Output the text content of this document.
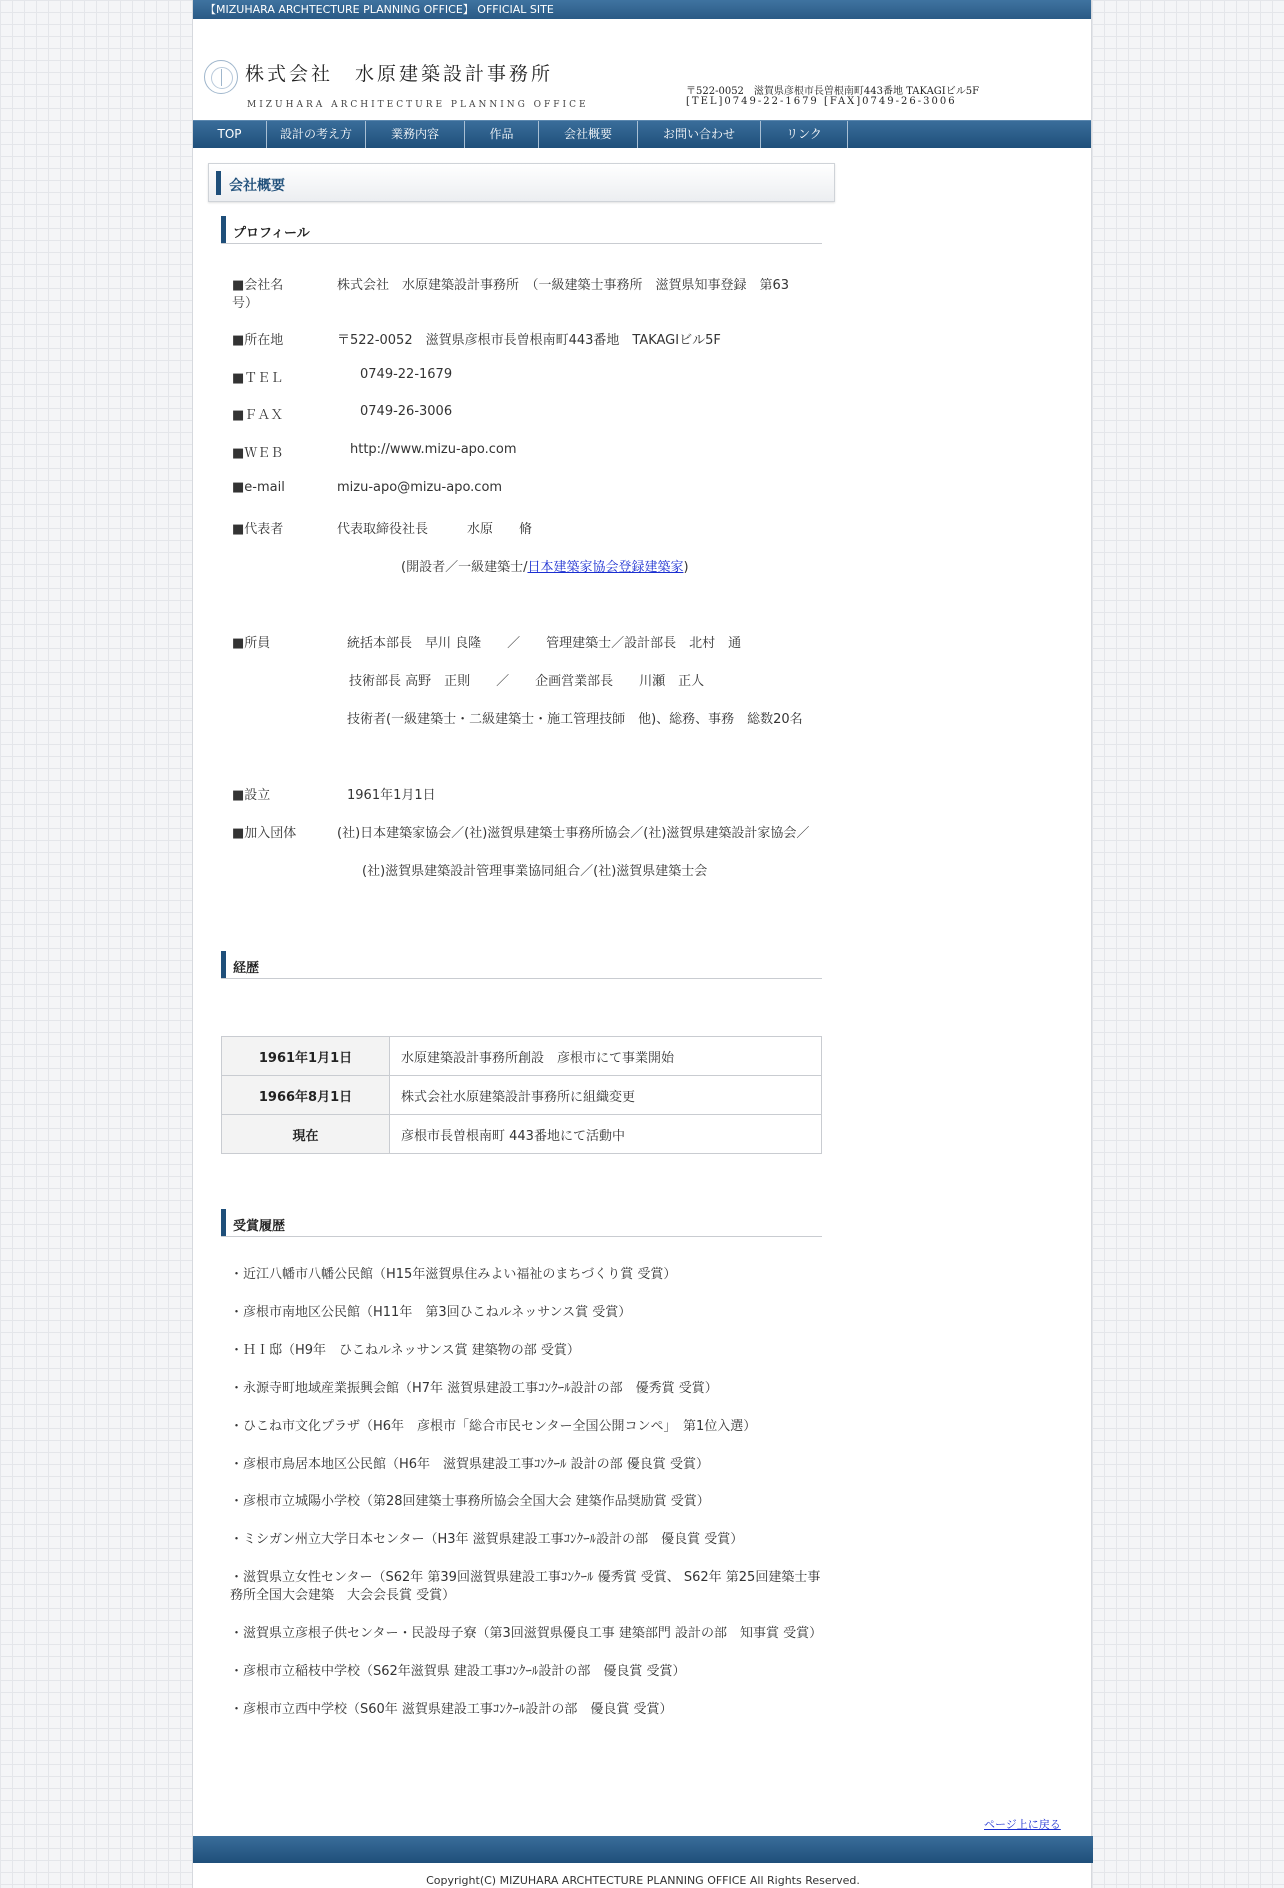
【MIZUHARA ARCHTECTURE PLANNING OFFICE】 OFFICIAL SITE
株式会社　水原建築設計事務所
MIZUHARA ARCHITECTURE PLANNING OFFICE
〒522-0052　滋賀県彦根市長曽根南町443番地 TAKAGIビル5F
[TEL]0749-22-1679 [FAX]0749-26-3006
TOP	設計の考え方	業務内容	作品	会社概要	お問い合わせ	リンク
会社概要
プロフィール
■会社名	株式会社　水原建築設計事務所　（一級建築士事務所　滋賀県知事登録　第63
号）
■所在地	〒522-0052　滋賀県彦根市長曽根南町443番地　TAKAGIビル5F
■ＴＥＬ	0749-22-1679
■ＦＡＸ	0749-26-3006
■ＷＥＢ	http://www.mizu-apo.com
■e-mail	mizu-apo@mizu-apo.com
■代表者	代表取締役社長　　　水原　　脩
(開設者／一級建築士/日本建築家協会登録建築家)
■所員	統括本部長　早川 良隆　　／　　管理建築士／設計部長　北村　通
技術部長 高野　正則　　／　　企画営業部長　　川瀬　正人
技術者(一級建築士・二級建築士・施工管理技師　他)、総務、事務　総数20名
■設立	1961年1月1日
■加入団体	(社)日本建築家協会／(社)滋賀県建築士事務所協会／(社)滋賀県建築設計家協会／
(社)滋賀県建築設計管理事業協同組合／(社)滋賀県建築士会
経歴
1961年1月1日	水原建築設計事務所創設　彦根市にて事業開始
1966年8月1日	株式会社水原建築設計事務所に組織変更
現在	彦根市長曽根南町 443番地にて活動中
受賞履歴
・近江八幡市八幡公民館（H15年滋賀県住みよい福祉のまちづくり賞 受賞）
・彦根市南地区公民館（H11年　第3回ひこねルネッサンス賞 受賞）
・ＨＩ邸（H9年　ひこねルネッサンス賞 建築物の部 受賞）
・永源寺町地域産業振興会館（H7年 滋賀県建設工事ｺﾝｸｰﾙ設計の部　優秀賞 受賞）
・ひこね市文化プラザ（H6年　彦根市「総合市民センター全国公開コンペ」　第1位入選）
・彦根市鳥居本地区公民館（H6年　滋賀県建設工事ｺﾝｸｰﾙ 設計の部 優良賞 受賞）
・彦根市立城陽小学校（第28回建築士事務所協会全国大会 建築作品奨励賞 受賞）
・ミシガン州立大学日本センター（H3年 滋賀県建設工事ｺﾝｸｰﾙ設計の部　優良賞 受賞）
・滋賀県立女性センター（S62年 第39回滋賀県建設工事ｺﾝｸｰﾙ 優秀賞 受賞、 S62年 第25回建築士事務所全国大会建築　大会会長賞 受賞）
・滋賀県立彦根子供センター・民設母子寮（第3回滋賀県優良工事 建築部門 設計の部　知事賞 受賞）
・彦根市立稲枝中学校（S62年滋賀県 建設工事ｺﾝｸｰﾙ設計の部　優良賞 受賞）
・彦根市立西中学校（S60年 滋賀県建設工事ｺﾝｸｰﾙ設計の部　優良賞 受賞）
ページ上に戻る
Copyright(C) MIZUHARA ARCHTECTURE PLANNING OFFICE All Rights Reserved.
